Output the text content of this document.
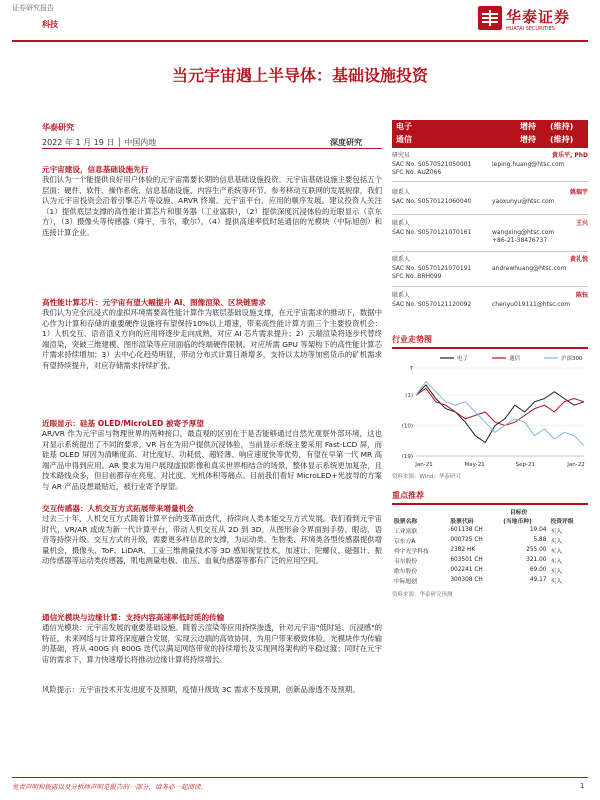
证券研究报告
科技	华泰证券
HUATAI SECURITIES
当元宇宙遇上半导体：基础设施投资
华泰研究
2022 年 1 月 19 日 │ 中国内地	深度研究
元宇宙建设，信息基础设施先行
我们认为一个能提供良好用户体验的元宇宙需要长期的信息基础设施投资。元宇宙基础设施主要包括五个层面：硬件、软件、操作系统、信息基础设施、内容生产系统等环节。参考移动互联网的发展规律，我们认为元宇宙投资会沿着引擎芯片等设施、ARVR 终端、元宇宙平台、应用的顺序发展。建议投资人关注（1）提供底层支撑的高性能计算芯片和服务器（工业富联），（2）提供深度沉浸体验的近眼显示（京东方），（3）摄像头等传感器（舜宇，韦尔，歌尔），（4）提供高速率低时延通信的光模块（中际旭创）和连接计算企业。
高性能计算芯片：元宇宙有望大幅提升 AI、图像渲染、区块链需求
我们认为完全沉浸式的虚拟环境需要高性能计算作为底层基础设施支撑，在元宇宙需求的推动下，数据中心作为计算和存储的重要硬件设施将有望保持10%以上增速，带来高性能计算方面三个主要投资机会：1）人机交互、语音语义方向的应用将逐步走向成熟，对应 AI 芯片需求提升；2）云端渲染将逐步代替终端渲染，突破三维建模、图形渲染等应用面临的终端硬件限制，对应所需 GPU 等架构下的高性能计算芯片需求持续增加；3）去中心化趋势明显，带动分布式计算日渐增多，支持以太坊等加密货币的矿机需求有望持续提升，对应存储需求持续扩张。
近眼显示：硅基 OLED/MicroLED 被寄予厚望
AR/VR 作为元宇宙与物理世界的两种接口，最直观的区别在于是否能够通过自然光观察外部环境，这也对显示系统提出了不同的要求。VR 旨在为用户提供沉浸体验，当前显示系统主要采用 Fast-LCD 屏，而硅基 OLED 屏因为清晰度高、对比度好、功耗低、超轻薄、响应速度快等优势，有望在早第一代 MR 高端产品中得到应用。AR 要求为用户展现虚拟影像和真实世界相结合的场景，整体显示系统更加复杂，且技术路线众多，但目前都存在亮度、对比度、光机体积等痛点。目前我们看好 MicroLED+光波导的方案与 AR 产品设想最贴近，被行业寄予厚望。
交互传感器：人机交互方式拓展带来增量机会
过去三十年，人机交互方式随着计算平台的变革而迭代，持续向人类本能交互方式发展。我们看到元宇宙时代，VR/AR 或成为新一代计算平台，带动人机交互从 2D 到 3D，从图形命令界面到手势、眼动、语音等持续升级。交互方式的升级，需要更多样信息的支撑，为运动类、生物类、环境类各型传感器提供增量机会，摄像头、ToF、LiDAR、工业三维测量技术等 3D 感知视觉技术，加速计、陀螺仪、磁强计、振动传感器等运动类传感器，肌电测量电极、血压、血氧传感器等都有广泛的应用空间。
通信光模块与边缘计算：支持内容高速率低时延的传输
通信光模块：元宇宙发展的重要基础设施。随着云渲染等应用持续渗透，针对元宇宙"低时延、沉浸感"的特征，未来网络与计算将深度融合发展，实现云边端的高效协同，为用户带来极致体验。光模块作为传输的基础，将从 400G 向 800G 迭代以满足网络带宽的持续增长及实现网络架构的平稳过渡；同时在元宇宙的需求下，算力快速增长将推动边缘计算将持续增长。
风险提示：元宇宙技术开发进度不及预期，疫情升级致 3C 需求不及预期，创新品渗透不及预期。
电子	增持 (维持)
通信	增持 (维持)
研究员	黄乐平, PhD
SAC No. S0570521050001	leping.huang@htsc.com
SFC No. AUZ066
联系人	姚瑞宇
SAC No. S0570121060040	yaoxunyu@htsc.com
联系人	王兴
SAC No. S0570121070161	wangxing@htsc.com
+86-21-38476737
联系人	黄礼悦
SAC No. S0570121070191	andrewhuang@htsc.com
SFC No. BRH099
联系人	陈钰
SAC No. S0570121120092	chenyu019111@htsc.com
行业走势图
电子	通信	沪深300
7
(1)
(10)
(19)
Jan-21	May-21	Sep-21	Jan-22
资料来源：Wind，华泰研究
重点推荐
目标价
股票名称	股票代码	(当地币种)	投资评级
工业富联	601138 CH	19.04	买入
京东方A	000725 CH	5.88	买入
舜宇光学科技	2382 HK	255.00	买入
韦尔股份	603501 CH	321.00	买入
歌尔股份	002241 CH	69.00	买入
中际旭创	300308 CH	49.17	买入
资料来源：华泰研究预测
免责声明和披露以及分析师声明是报告的一部分，请务必一起阅读。	1
